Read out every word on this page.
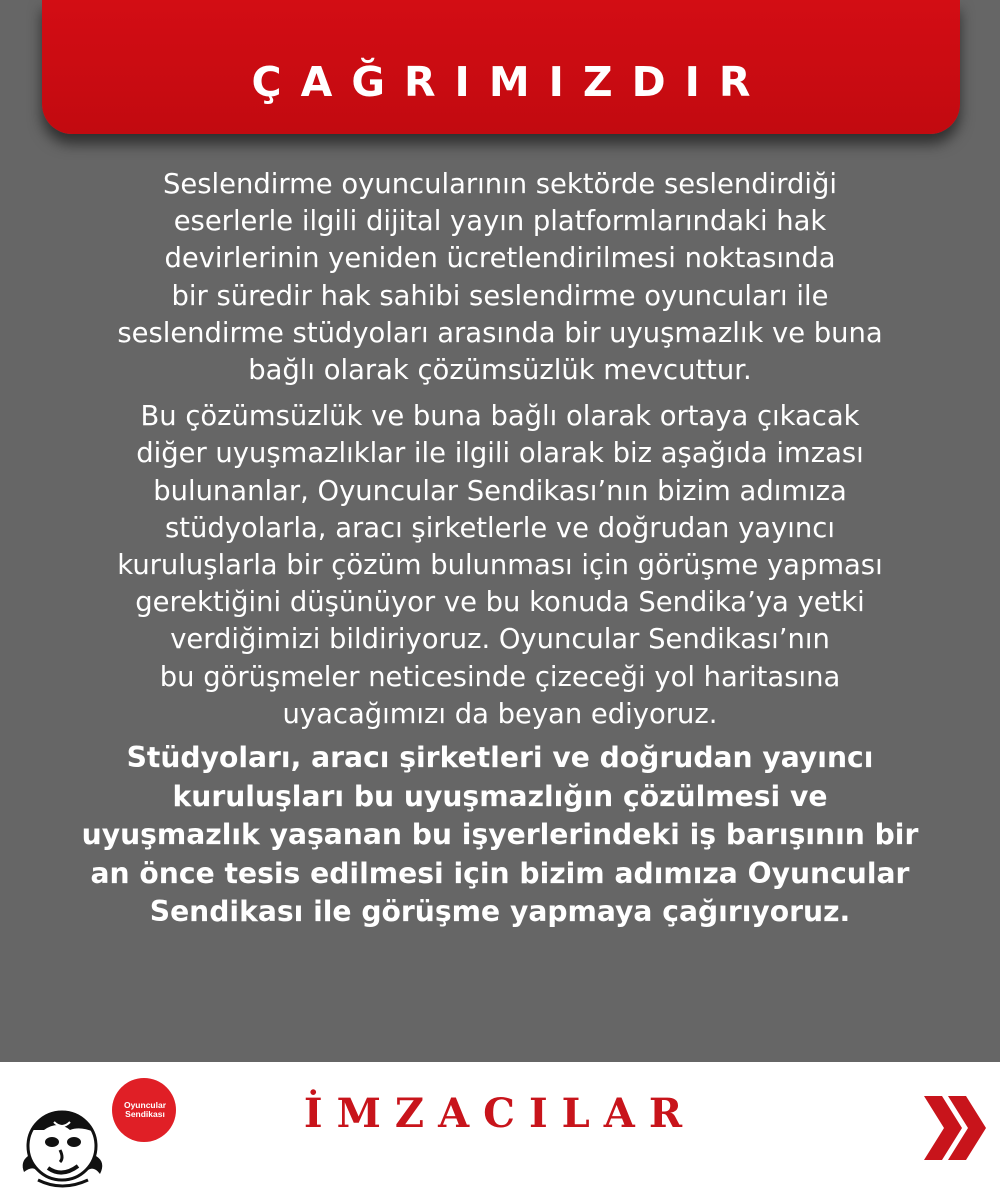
ÇAĞRIMIZDIR

Seslendirme oyuncularının sektörde seslendirdiği
eserlerle ilgili dijital yayın platformlarındaki hak
devirlerinin yeniden ücretlendirilmesi noktasında
bir süredir hak sahibi seslendirme oyuncuları ile
seslendirme stüdyoları arasında bir uyuşmazlık ve buna
bağlı olarak çözümsüzlük mevcuttur.

Bu çözümsüzlük ve buna bağlı olarak ortaya çıkacak
diğer uyuşmazlıklar ile ilgili olarak biz aşağıda imzası
bulunanlar, Oyuncular Sendikası’nın bizim adımıza
stüdyolarla, aracı şirketlerle ve doğrudan yayıncı
kuruluşlarla bir çözüm bulunması için görüşme yapması
gerektiğini düşünüyor ve bu konuda Sendika’ya yetki
verdiğimizi bildiriyoruz. Oyuncular Sendikası’nın
bu görüşmeler neticesinde çizeceği yol haritasına
uyacağımızı da beyan ediyoruz.

Stüdyoları, aracı şirketleri ve doğrudan yayıncı
kuruluşları bu uyuşmazlığın çözülmesi ve
uyuşmazlık yaşanan bu işyerlerindeki iş barışının bir
an önce tesis edilmesi için bizim adımıza Oyuncular
Sendikası ile görüşme yapmaya çağırıyoruz.

Oyuncular
Sendikası	İMZACILAR
